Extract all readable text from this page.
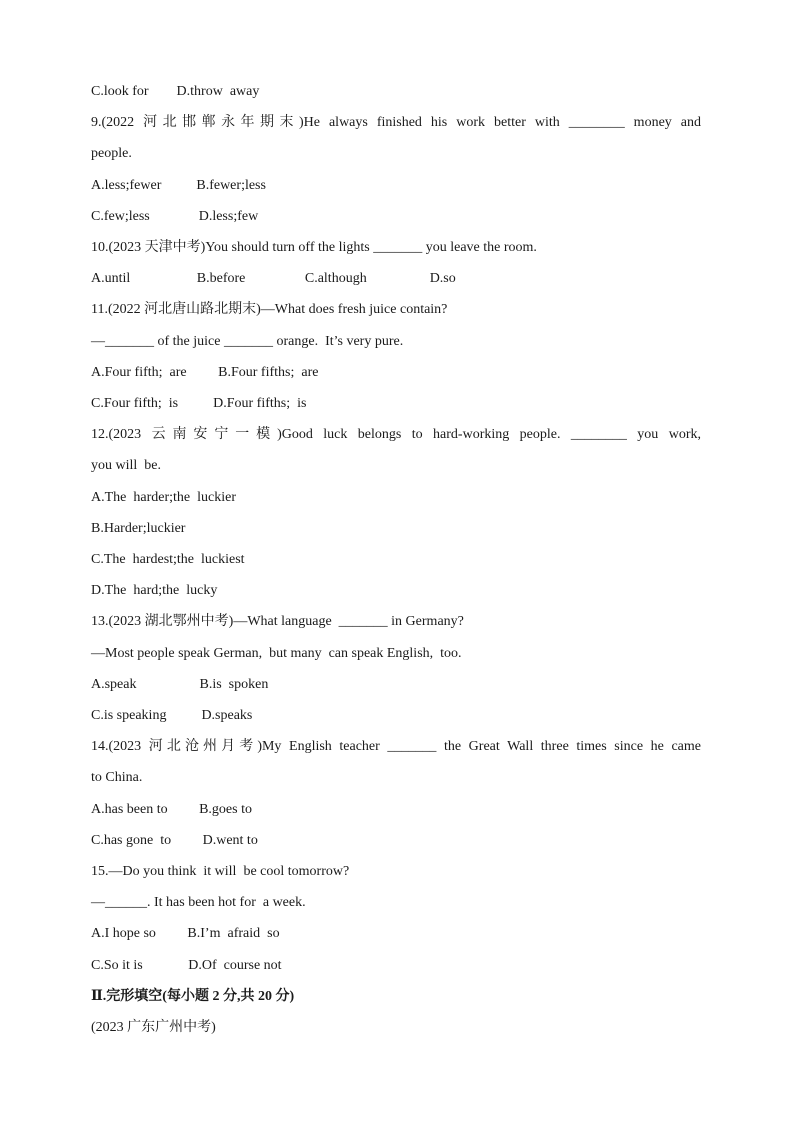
C.look for        D.throw  away
9.(2022 河北邯郸永年期末)He always finished his work better with ________ money and
people.
A.less;fewer          B.fewer;less
C.few;less              D.less;few
10.(2023 天津中考)You should turn off the lights _______ you leave the room.
A.until                   B.before                 C.although                  D.so
11.(2022 河北唐山路北期末)—What does fresh juice contain?
—_______ of the juice _______ orange.  It’s very pure.
A.Four fifth;  are         B.Four fifths;  are
C.Four fifth;  is          D.Four fifths;  is
12.(2023 云南安宁一模)Good luck belongs to hard-working people. ________ you work,
you will  be.
A.The  harder;the  luckier
B.Harder;luckier
C.The  hardest;the  luckiest
D.The  hard;the  lucky
13.(2023 湖北鄂州中考)—What language  _______ in Germany?
—Most people speak German,  but many  can speak English,  too.
A.speak                  B.is  spoken
C.is speaking          D.speaks
14.(2023 河北沧州月考)My English teacher _______ the Great Wall three times since he came
to China.
A.has been to         B.goes to
C.has gone  to         D.went to
15.—Do you think  it will  be cool tomorrow?
—______. It has been hot for  a week.
A.I hope so         B.I’m  afraid  so
C.So it is             D.Of  course not
Ⅱ.完形填空(每小题 2 分,共 20 分)
(2023 广东广州中考)
